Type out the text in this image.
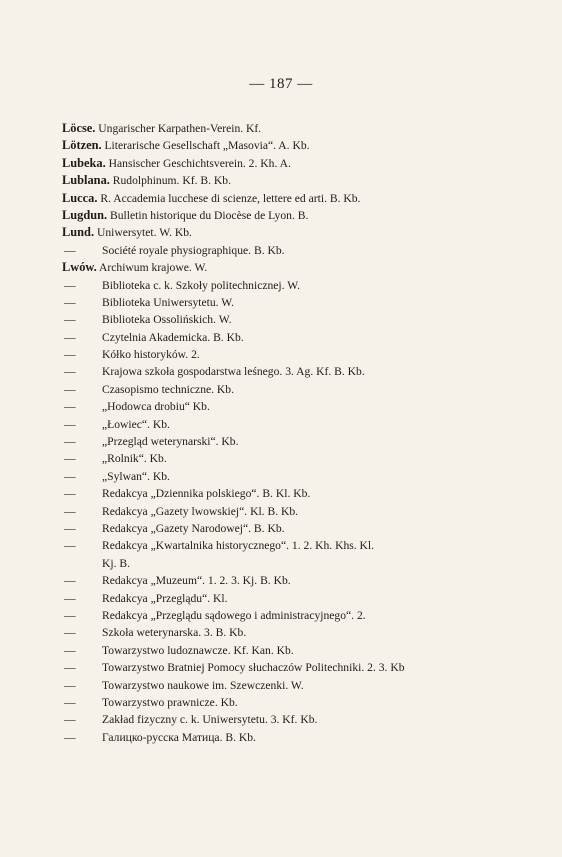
— 187 —
Löcse. Ungarischer Karpathen-Verein. Kf.
Lötzen. Literarische Gesellschaft „Masovia“. A. Kb.
Lubeka. Hansischer Geschichtsverein. 2. Kh. A.
Lublana. Rudolphinum. Kf. B. Kb.
Lucca. R. Accademia lucchese di scienze, lettere ed arti. B. Kb.
Lugdun. Bulletin historique du Diocèse de Lyon. B.
Lund. Uniwersytet. W. Kb.
— Société royale physiographique. B. Kb.
Lwów. Archiwum krajowe. W.
— Biblioteka c. k. Szkoły politechnicznej. W.
— Biblioteka Uniwersytetu. W.
— Biblioteka Ossolińskich. W.
— Czytelnia Akademicka. B. Kb.
— Kółko historyków. 2.
— Krajowa szkoła gospodarstwa leśnego. 3. Ag. Kf. B. Kb.
— Czasopismo techniczne. Kb.
— „Hodowca drobiu“ Kb.
— „Łowiec“. Kb.
— „Przegląd weterynarski“. Kb.
— „Rolnik“. Kb.
— „Sylwan“. Kb.
— Redakcya „Dziennika polskiego“. B. Kl. Kb.
— Redakcya „Gazety lwowskiej“. Kl. B. Kb.
— Redakcya „Gazety Narodowej“. B. Kb.
— Redakcya „Kwartalnika historycznego“. 1. 2. Kh. Khs. Kl.
Kj. B.
— Redakcya „Muzeum“. 1. 2. 3. Kj. B. Kb.
— Redakcya „Przeglądu“. Kl.
— Redakcya „Przeglądu sądowego i administracyjnego“. 2.
— Szkoła weterynarska. 3. B. Kb.
— Towarzystwo ludoznawcze. Kf. Kan. Kb.
— Towarzystwo Bratniej Pomocy słuchaczów Politechniki. 2. 3. Kb
— Towarzystwo naukowe im. Szewczenki. W.
— Towarzystwo prawnicze. Kb.
— Zakład fizyczny c. k. Uniwersytetu. 3. Kf. Kb.
— Галицко-русска Матица. B. Kb.
